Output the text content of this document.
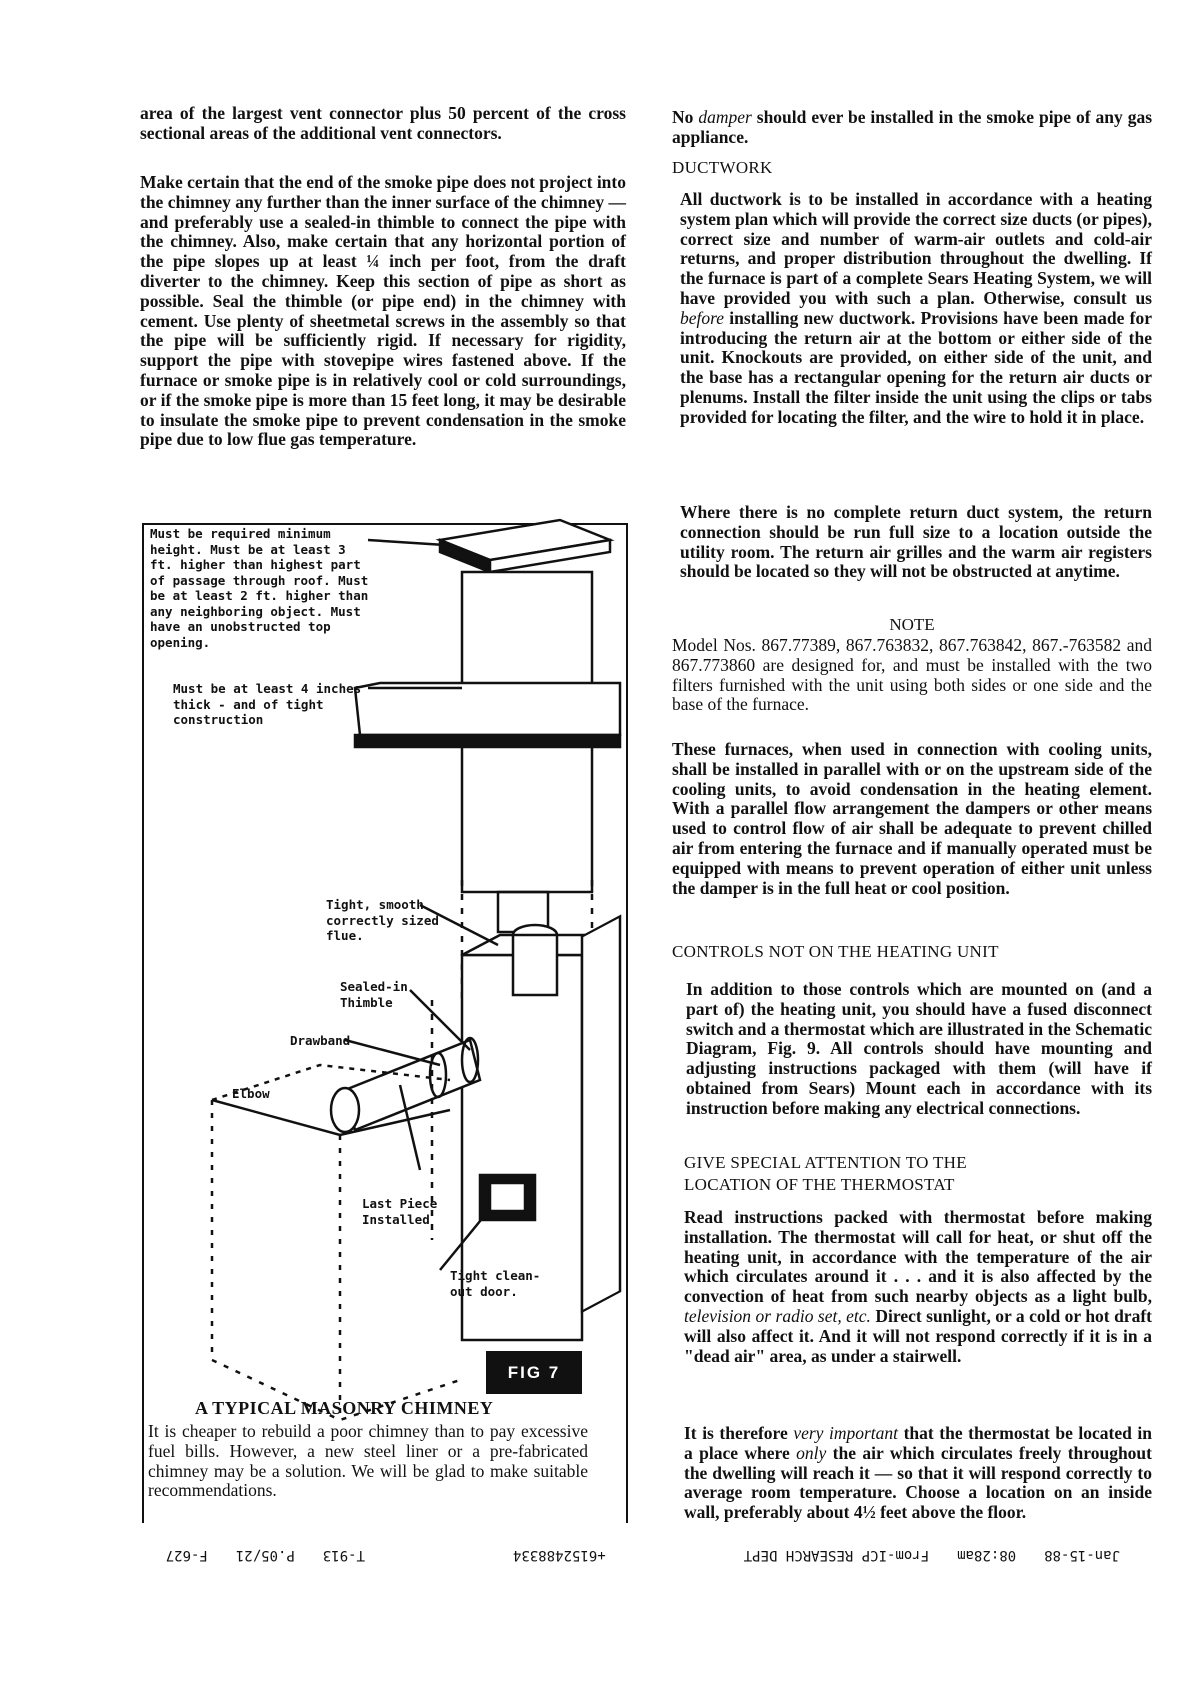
area of the largest vent connector plus 50 percent of the cross sectional areas of the additional vent connectors.
Make certain that the end of the smoke pipe does not project into the chimney any further than the inner surface of the chimney — and preferably use a sealed-in thimble to connect the pipe with the chimney. Also, make certain that any horizontal portion of the pipe slopes up at least ¼ inch per foot, from the draft diverter to the chimney. Keep this section of pipe as short as possible. Seal the thimble (or pipe end) in the chimney with cement. Use plenty of sheetmetal screws in the assembly so that the pipe will be sufficiently rigid. If necessary for rigidity, support the pipe with stovepipe wires fastened above. If the furnace or smoke pipe is in relatively cool or cold surroundings, or if the smoke pipe is more than 15 feet long, it may be desirable to insulate the smoke pipe to prevent condensation in the smoke pipe due to low flue gas temperature.
Must be required minimum height. Must be at least 3 ft. higher than highest part of passage through roof. Must be at least 2 ft. higher than any neighboring object. Must have an unobstructed top opening.
Must be at least 4 inches thick - and of tight construction
Tight, smooth correctly sized flue.
Sealed-in Thimble
Drawband
Elbow
Last Piece Installed
Tight clean-out door.
FIG 7
A TYPICAL MASONRY CHIMNEY
It is cheaper to rebuild a poor chimney than to pay excessive fuel bills. However, a new steel liner or a pre-fabricated chimney may be a solution. We will be glad to make suitable recommendations.
No damper should ever be installed in the smoke pipe of any gas appliance.
DUCTWORK
All ductwork is to be installed in accordance with a heating system plan which will provide the correct size ducts (or pipes), correct size and number of warm-air outlets and cold-air returns, and proper distribution throughout the dwelling. If the furnace is part of a complete Sears Heating System, we will have provided you with such a plan. Otherwise, consult us before installing new ductwork. Provisions have been made for introducing the return air at the bottom or either side of the unit. Knockouts are provided, on either side of the unit, and the base has a rectangular opening for the return air ducts or plenums. Install the filter inside the unit using the clips or tabs provided for locating the filter, and the wire to hold it in place.
Where there is no complete return duct system, the return connection should be run full size to a location outside the utility room. The return air grilles and the warm air registers should be located so they will not be obstructed at anytime.
NOTE
Model Nos. 867.77389, 867.763832, 867.763842, 867.-763582 and 867.773860 are designed for, and must be installed with the two filters furnished with the unit using both sides or one side and the base of the furnace.
These furnaces, when used in connection with cooling units, shall be installed in parallel with or on the upstream side of the cooling units, to avoid condensation in the heating element. With a parallel flow arrangement the dampers or other means used to control flow of air shall be adequate to prevent chilled air from entering the furnace and if manually operated must be equipped with means to prevent operation of either unit unless the damper is in the full heat or cool position.
CONTROLS NOT ON THE HEATING UNIT
In addition to those controls which are mounted on (and a part of) the heating unit, you should have a fused disconnect switch and a thermostat which are illustrated in the Schematic Diagram, Fig. 9. All controls should have mounting and adjusting instructions packaged with them (will have if obtained from Sears) Mount each in accordance with its instruction before making any electrical connections.
GIVE SPECIAL ATTENTION TO THE
LOCATION OF THE THERMOSTAT
Read instructions packed with thermostat before making installation. The thermostat will call for heat, or shut off the heating unit, in accordance with the temperature of the air which circulates around it . . . and it is also affected by the convection of heat from such nearby objects as a light bulb, television or radio set, etc. Direct sunlight, or a cold or hot draft will also affect it. And it will not respond correctly if it is in a "dead air" area, as under a stairwell.
It is therefore very important that the thermostat be located in a place where only the air which circulates freely throughout the dwelling will reach it — so that it will respond correctly to average room temperature. Choose a location on an inside wall, preferably about 4½ feet above the floor.
Jan-15-88
08:28am
From-ICP RESEARCH DEPT
+6152488334
T-913
P.05/21
F-627
